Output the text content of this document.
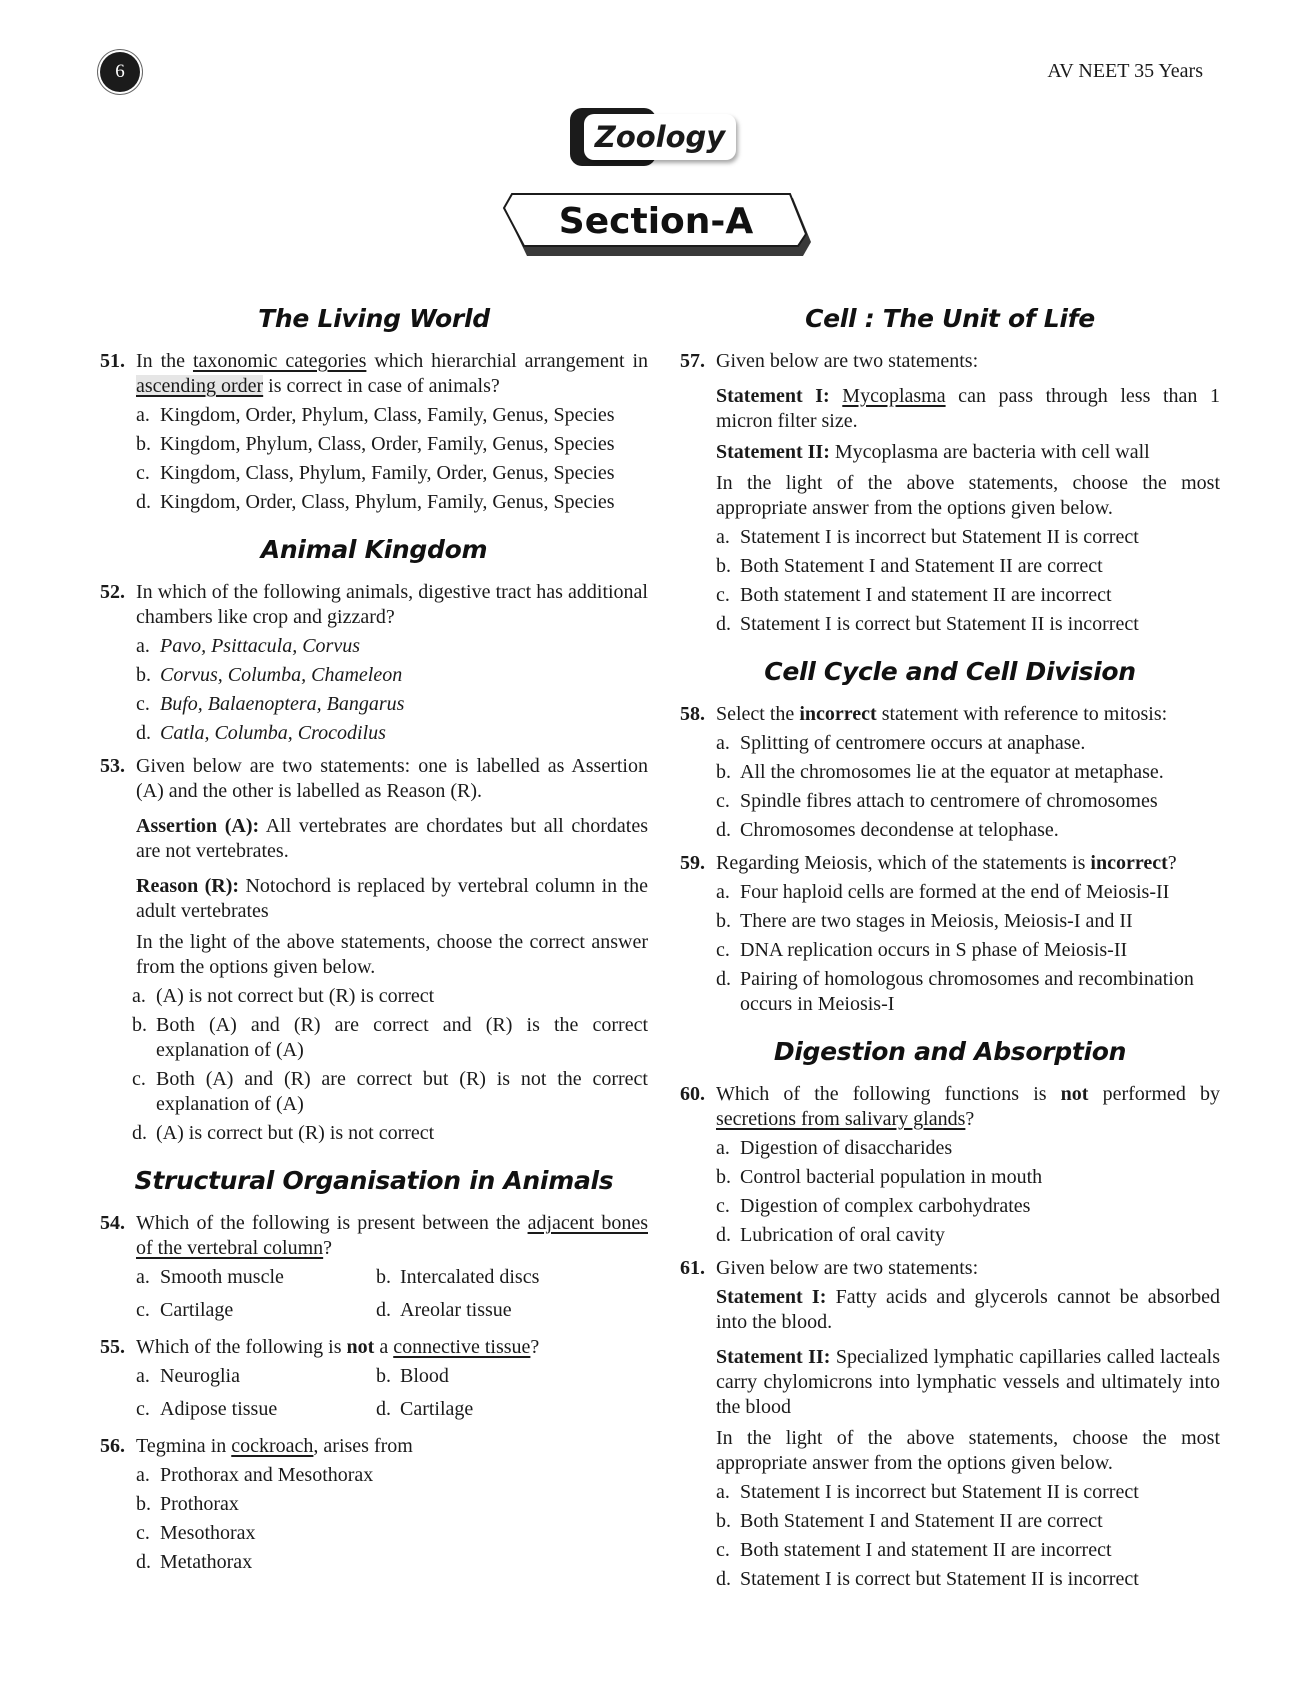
6	AV NEET 35 Years
Zoology
Section-A
The Living World
51. In the taxonomic categories which hierarchial arrangement in ascending order is correct in case of animals?
a. Kingdom, Order, Phylum, Class, Family, Genus, Species
b. Kingdom, Phylum, Class, Order, Family, Genus, Species
c. Kingdom, Class, Phylum, Family, Order, Genus, Species
d. Kingdom, Order, Class, Phylum, Family, Genus, Species
Animal Kingdom
52. In which of the following animals, digestive tract has additional chambers like crop and gizzard?
a. Pavo, Psittacula, Corvus
b. Corvus, Columba, Chameleon
c. Bufo, Balaenoptera, Bangarus
d. Catla, Columba, Crocodilus
53. Given below are two statements: one is labelled as Assertion (A) and the other is labelled as Reason (R).
Assertion (A): All vertebrates are chordates but all chordates are not vertebrates.
Reason (R): Notochord is replaced by vertebral column in the adult vertebrates
In the light of the above statements, choose the correct answer from the options given below.
a. (A) is not correct but (R) is correct
b. Both (A) and (R) are correct and (R) is the correct explanation of (A)
c. Both (A) and (R) are correct but (R) is not the correct explanation of (A)
d. (A) is correct but (R) is not correct
Structural Organisation in Animals
54. Which of the following is present between the adjacent bones of the vertebral column?
a. Smooth muscle	b. Intercalated discs
c. Cartilage	d. Areolar tissue
55. Which of the following is not a connective tissue?
a. Neuroglia	b. Blood
c. Adipose tissue	d. Cartilage
56. Tegmina in cockroach, arises from
a. Prothorax and Mesothorax
b. Prothorax
c. Mesothorax
d. Metathorax
Cell : The Unit of Life
57. Given below are two statements:
Statement I: Mycoplasma can pass through less than 1 micron filter size.
Statement II: Mycoplasma are bacteria with cell wall
In the light of the above statements, choose the most appropriate answer from the options given below.
a. Statement I is incorrect but Statement II is correct
b. Both Statement I and Statement II are correct
c. Both statement I and statement II are incorrect
d. Statement I is correct but Statement II is incorrect
Cell Cycle and Cell Division
58. Select the incorrect statement with reference to mitosis:
a. Splitting of centromere occurs at anaphase.
b. All the chromosomes lie at the equator at metaphase.
c. Spindle fibres attach to centromere of chromosomes
d. Chromosomes decondense at telophase.
59. Regarding Meiosis, which of the statements is incorrect?
a. Four haploid cells are formed at the end of Meiosis-II
b. There are two stages in Meiosis, Meiosis-I and II
c. DNA replication occurs in S phase of Meiosis-II
d. Pairing of homologous chromosomes and recombination occurs in Meiosis-I
Digestion and Absorption
60. Which of the following functions is not performed by secretions from salivary glands?
a. Digestion of disaccharides
b. Control bacterial population in mouth
c. Digestion of complex carbohydrates
d. Lubrication of oral cavity
61. Given below are two statements:
Statement I: Fatty acids and glycerols cannot be absorbed into the blood.
Statement II: Specialized lymphatic capillaries called lacteals carry chylomicrons into lymphatic vessels and ultimately into the blood
In the light of the above statements, choose the most appropriate answer from the options given below.
a. Statement I is incorrect but Statement II is correct
b. Both Statement I and Statement II are correct
c. Both statement I and statement II are incorrect
d. Statement I is correct but Statement II is incorrect
